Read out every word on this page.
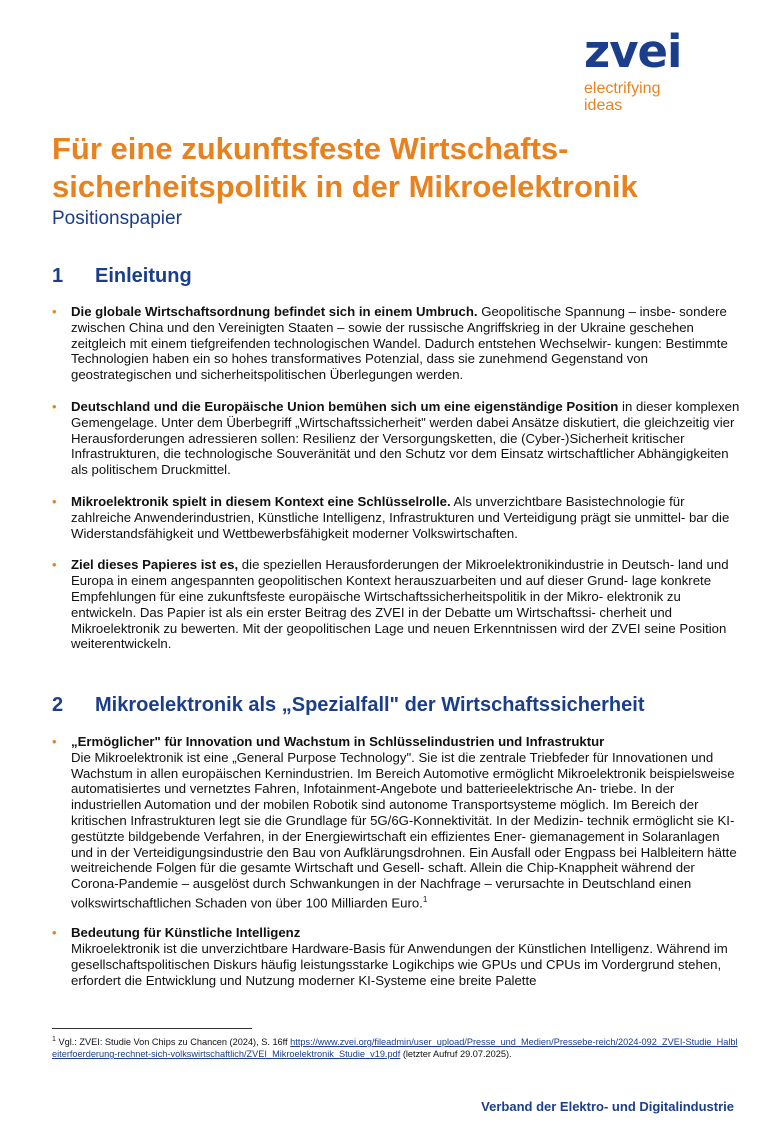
zvei
electrifying
ideas
Für eine zukunftsfeste Wirtschafts-
sicherheitspolitik in der Mikroelektronik
Positionspapier
1 Einleitung
• Die globale Wirtschaftsordnung befindet sich in einem Umbruch. Geopolitische Spannung – insbe- sondere zwischen China und den Vereinigten Staaten – sowie der russische Angriffskrieg in der Ukraine geschehen zeitgleich mit einem tiefgreifenden technologischen Wandel. Dadurch entstehen Wechselwir- kungen: Bestimmte Technologien haben ein so hohes transformatives Potenzial, dass sie zunehmend Gegenstand von geostrategischen und sicherheitspolitischen Überlegungen werden.
• Deutschland und die Europäische Union bemühen sich um eine eigenständige Position in dieser komplexen Gemengelage. Unter dem Überbegriff „Wirtschaftssicherheit" werden dabei Ansätze diskutiert, die gleichzeitig vier Herausforderungen adressieren sollen: Resilienz der Versorgungsketten, die (Cyber-)Sicherheit kritischer Infrastrukturen, die technologische Souveränität und den Schutz vor dem Einsatz wirtschaftlicher Abhängigkeiten als politischem Druckmittel.
• Mikroelektronik spielt in diesem Kontext eine Schlüsselrolle. Als unverzichtbare Basistechnologie für zahlreiche Anwenderindustrien, Künstliche Intelligenz, Infrastrukturen und Verteidigung prägt sie unmittel- bar die Widerstandsfähigkeit und Wettbewerbsfähigkeit moderner Volkswirtschaften.
• Ziel dieses Papieres ist es, die speziellen Herausforderungen der Mikroelektronikindustrie in Deutsch- land und Europa in einem angespannten geopolitischen Kontext herauszuarbeiten und auf dieser Grund- lage konkrete Empfehlungen für eine zukunftsfeste europäische Wirtschaftssicherheitspolitik in der Mikro- elektronik zu entwickeln. Das Papier ist als ein erster Beitrag des ZVEI in der Debatte um Wirtschaftssi- cherheit und Mikroelektronik zu bewerten. Mit der geopolitischen Lage und neuen Erkenntnissen wird der ZVEI seine Position weiterentwickeln.
2 Mikroelektronik als „Spezialfall" der Wirtschaftssicherheit
• „Ermöglicher" für Innovation und Wachstum in Schlüsselindustrien und Infrastruktur
Die Mikroelektronik ist eine „General Purpose Technology". Sie ist die zentrale Triebfeder für Innovationen und Wachstum in allen europäischen Kernindustrien. Im Bereich Automotive ermöglicht Mikroelektronik beispielsweise automatisiertes und vernetztes Fahren, Infotainment-Angebote und batterieelektrische An- triebe. In der industriellen Automation und der mobilen Robotik sind autonome Transportsysteme möglich. Im Bereich der kritischen Infrastrukturen legt sie die Grundlage für 5G/6G-Konnektivität. In der Medizin- technik ermöglicht sie KI-gestützte bildgebende Verfahren, in der Energiewirtschaft ein effizientes Ener- giemanagement in Solaranlagen und in der Verteidigungsindustrie den Bau von Aufklärungsdrohnen. Ein Ausfall oder Engpass bei Halbleitern hätte weitreichende Folgen für die gesamte Wirtschaft und Gesell- schaft. Allein die Chip-Knappheit während der Corona-Pandemie – ausgelöst durch Schwankungen in der Nachfrage – verursachte in Deutschland einen volkswirtschaftlichen Schaden von über 100 Milliarden Euro.$^1$
• Bedeutung für Künstliche Intelligenz
Mikroelektronik ist die unverzichtbare Hardware-Basis für Anwendungen der Künstlichen Intelligenz. Während im gesellschaftspolitischen Diskurs häufig leistungsstarke Logikchips wie GPUs und CPUs im Vordergrund stehen, erfordert die Entwicklung und Nutzung moderner KI-Systeme eine breite Palette
$^1$ Vgl.: ZVEI: Studie Von Chips zu Chancen (2024), S. 16ff https://www.zvei.org/fileadmin/user_upload/Presse_und_Medien/Pressebe-reich/2024-092_ZVEI-Studie_Halbleiterfoerderung-rechnet-sich-volkswirtschaftlich/ZVEI_Mikroelektronik_Studie_v19.pdf (letzter Aufruf 29.07.2025).
Verband der Elektro- und Digitalindustrie
